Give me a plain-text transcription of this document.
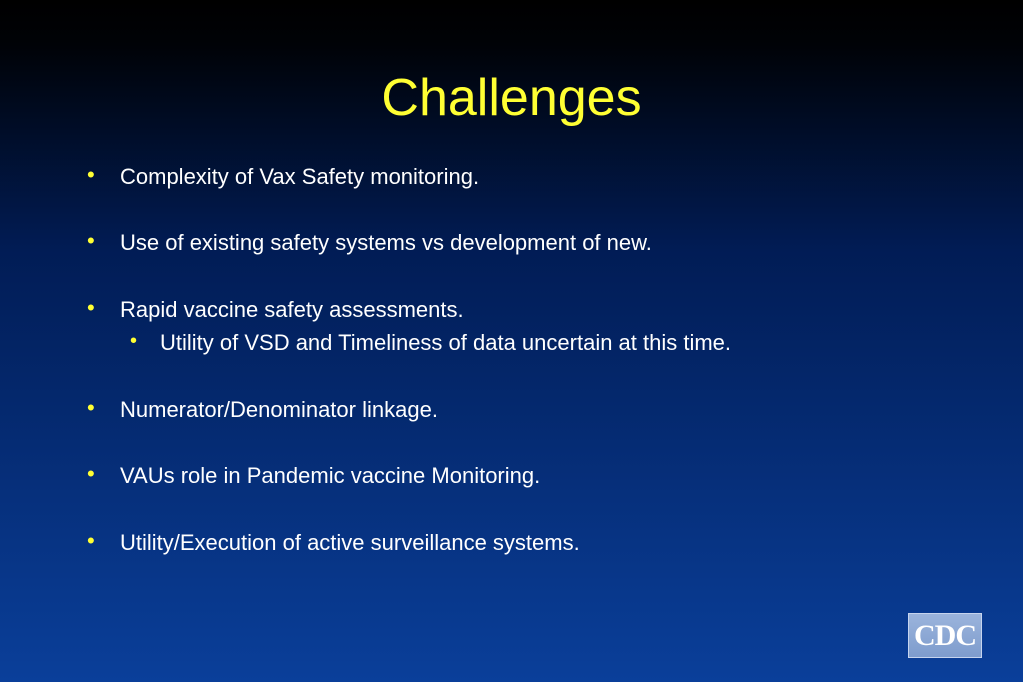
Challenges
• Complexity of Vax Safety monitoring.
• Use of existing safety systems vs development of new.
• Rapid vaccine safety assessments.
• Utility of VSD and Timeliness of data uncertain at this time.
• Numerator/Denominator linkage.
• VAUs role in Pandemic vaccine Monitoring.
• Utility/Execution of active surveillance systems.
CDC
